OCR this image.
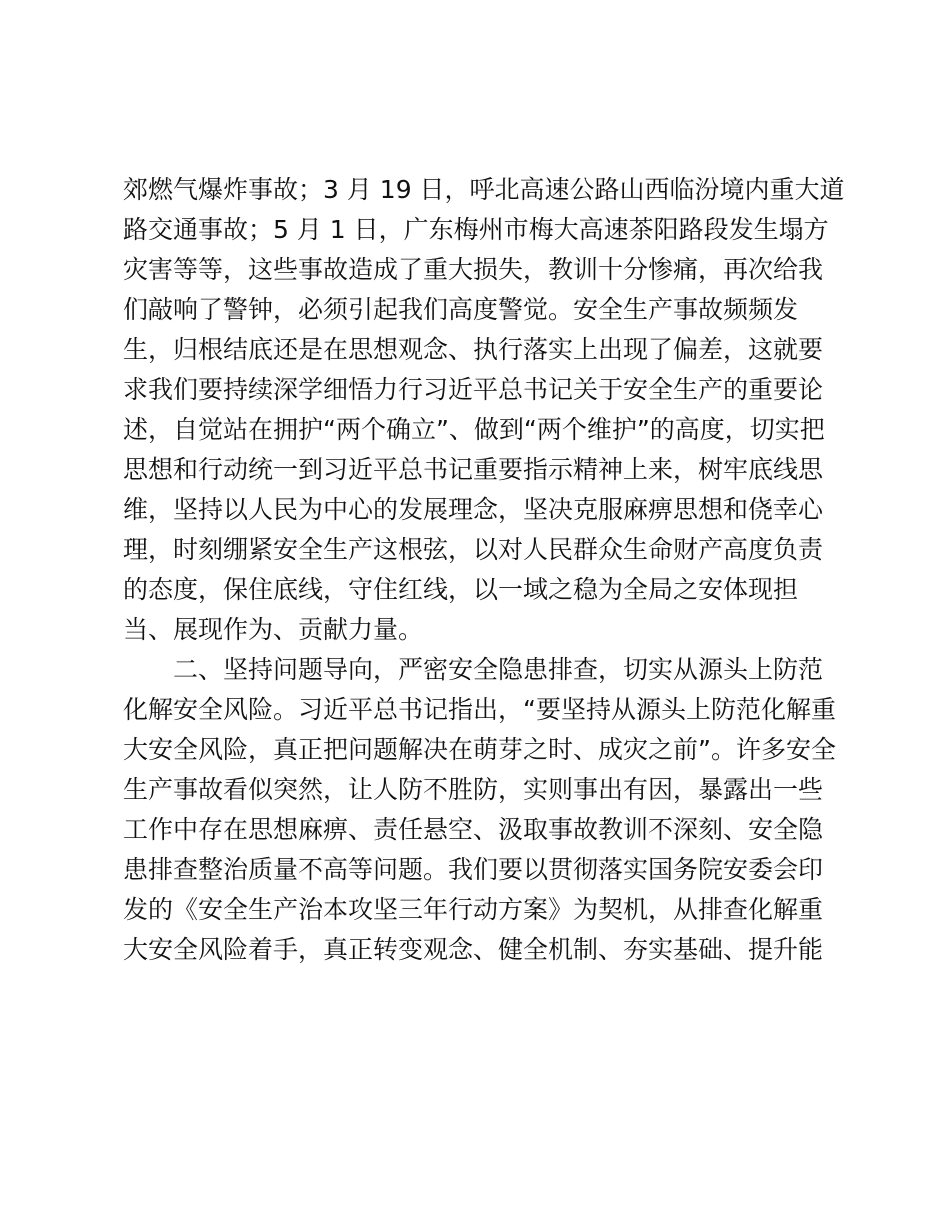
郊燃气爆炸事故；3 月 19 日，呼北高速公路山西临汾境内重大道
路交通事故；5 月 1 日，广东梅州市梅大高速茶阳路段发生塌方
灾害等等，这些事故造成了重大损失，教训十分惨痛，再次给我
们敲响了警钟，必须引起我们高度警觉。安全生产事故频频发
生，归根结底还是在思想观念、执行落实上出现了偏差，这就要
求我们要持续深学细悟力行习近平总书记关于安全生产的重要论
述，自觉站在拥护“两个确立”、做到“两个维护”的高度，切实把
思想和行动统一到习近平总书记重要指示精神上来，树牢底线思
维，坚持以人民为中心的发展理念，坚决克服麻痹思想和侥幸心
理，时刻绷紧安全生产这根弦，以对人民群众生命财产高度负责
的态度，保住底线，守住红线，以一域之稳为全局之安体现担
当、展现作为、贡献力量。
二、坚持问题导向，严密安全隐患排查，切实从源头上防范
化解安全风险。习近平总书记指出，“要坚持从源头上防范化解重
大安全风险，真正把问题解决在萌芽之时、成灾之前”。许多安全
生产事故看似突然，让人防不胜防，实则事出有因，暴露出一些
工作中存在思想麻痹、责任悬空、汲取事故教训不深刻、安全隐
患排查整治质量不高等问题。我们要以贯彻落实国务院安委会印
发的《安全生产治本攻坚三年行动方案》为契机，从排查化解重
大安全风险着手，真正转变观念、健全机制、夯实基础、提升能
